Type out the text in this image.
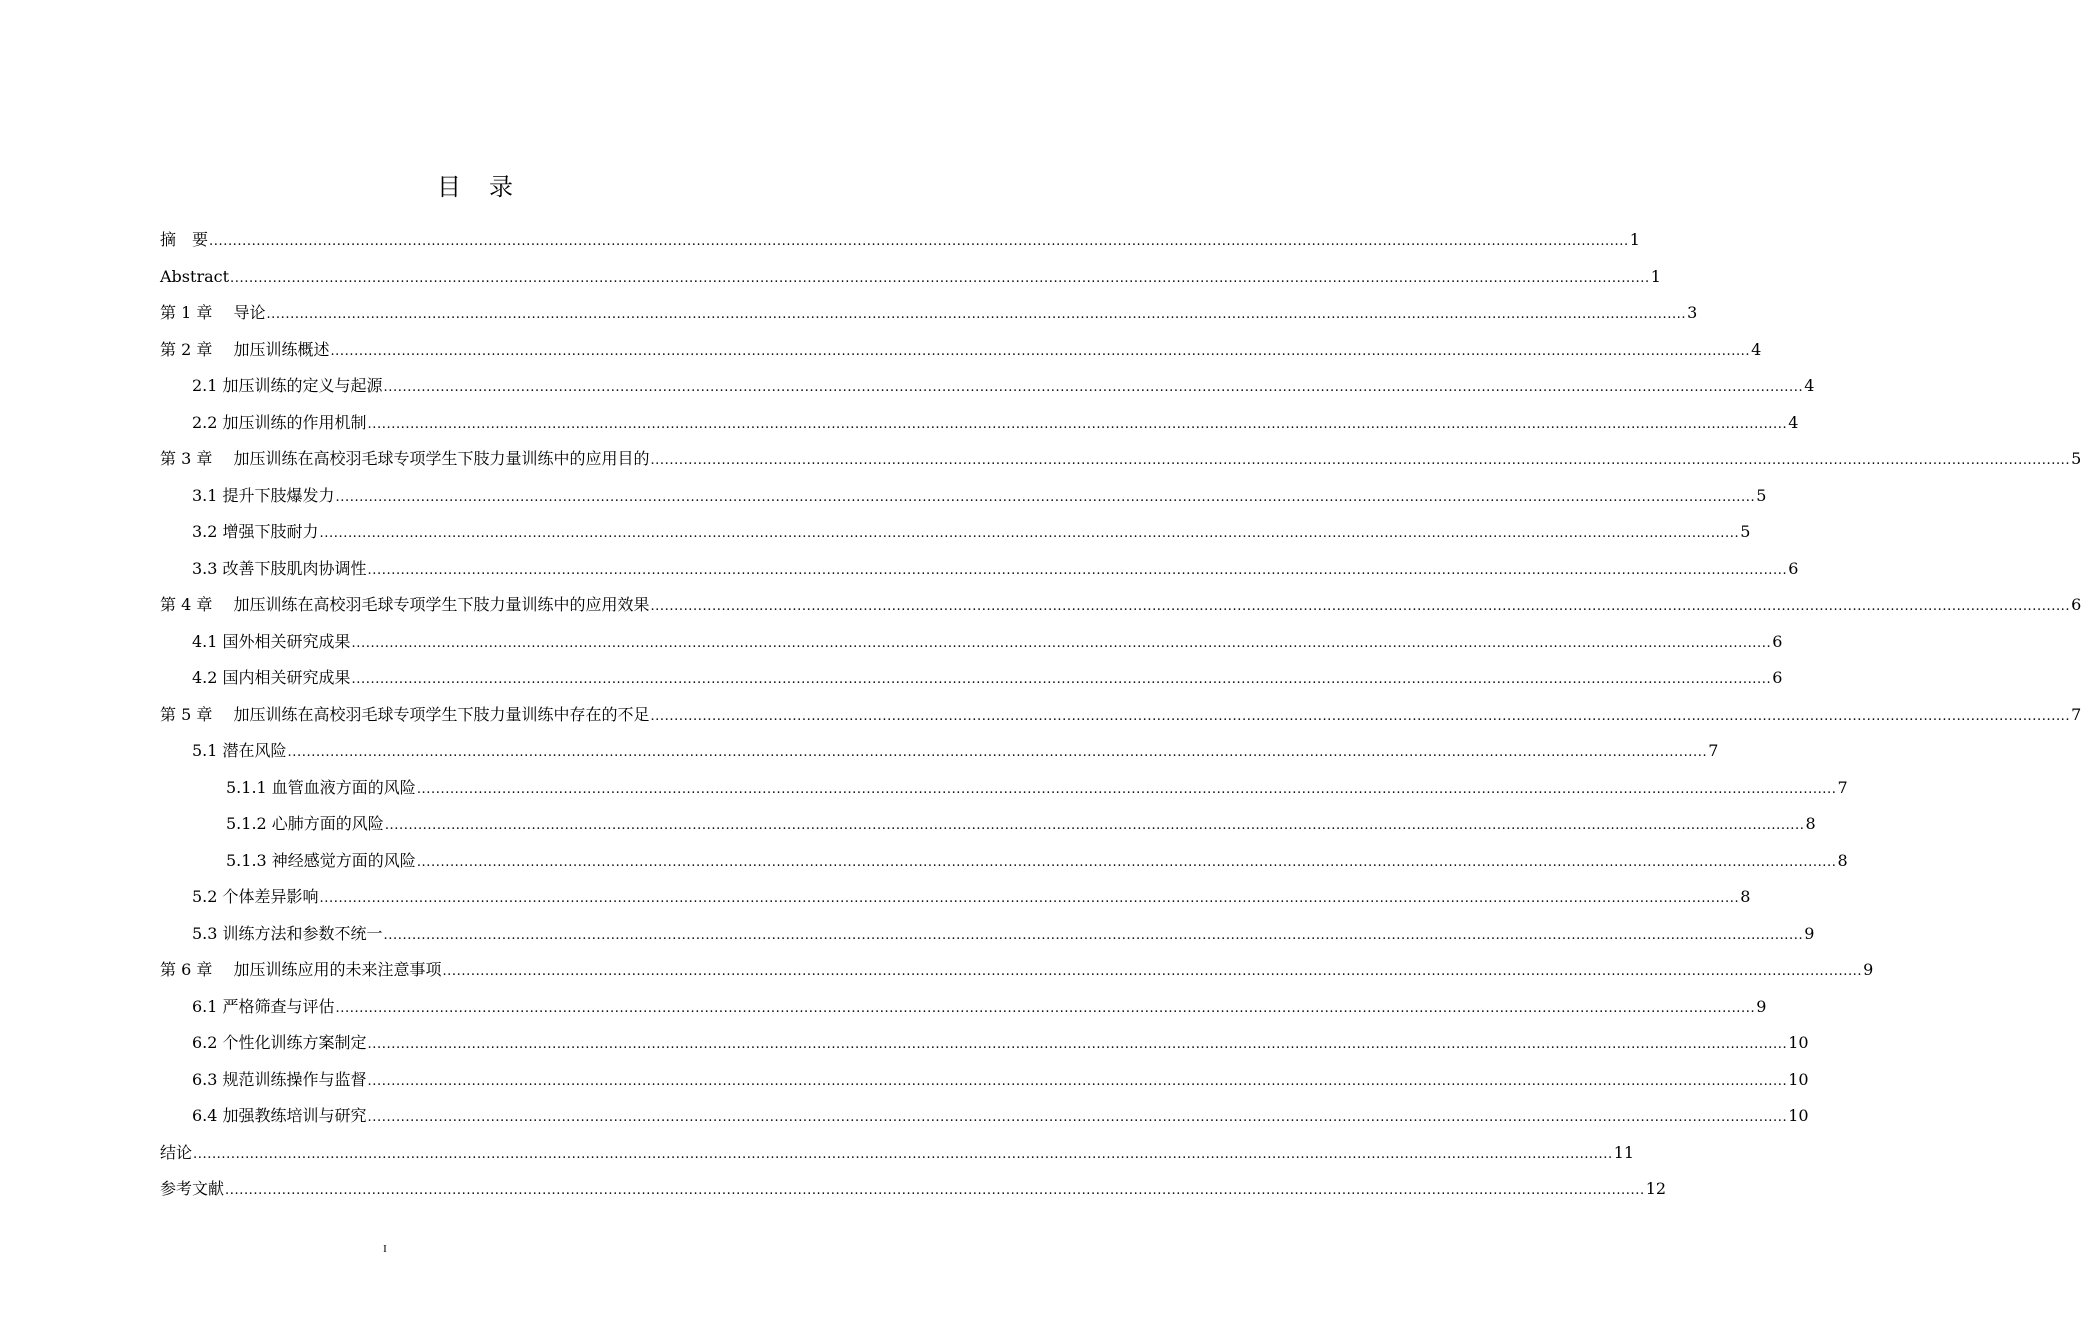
目 录
摘　要 ............................................................................................................................................................................................................................................................................................................ 1
Abstract ............................................................................................................................................................................................................................................................................................................ 1
第 1 章　 导论 ............................................................................................................................................................................................................................................................................................................ 3
第 2 章　 加压训练概述 ............................................................................................................................................................................................................................................................................................................ 4
2.1 加压训练的定义与起源 ............................................................................................................................................................................................................................................................................................................ 4
2.2 加压训练的作用机制 ............................................................................................................................................................................................................................................................................................................ 4
第 3 章　 加压训练在高校羽毛球专项学生下肢力量训练中的应用目的 ............................................................................................................................................................................................................................................................................................................ 5
3.1 提升下肢爆发力 ............................................................................................................................................................................................................................................................................................................ 5
3.2 增强下肢耐力 ............................................................................................................................................................................................................................................................................................................ 5
3.3 改善下肢肌肉协调性 ............................................................................................................................................................................................................................................................................................................ 6
第 4 章　 加压训练在高校羽毛球专项学生下肢力量训练中的应用效果 ............................................................................................................................................................................................................................................................................................................ 6
4.1 国外相关研究成果 ............................................................................................................................................................................................................................................................................................................ 6
4.2 国内相关研究成果 ............................................................................................................................................................................................................................................................................................................ 6
第 5 章　 加压训练在高校羽毛球专项学生下肢力量训练中存在的不足 ............................................................................................................................................................................................................................................................................................................ 7
5.1 潜在风险 ............................................................................................................................................................................................................................................................................................................ 7
5.1.1 血管血液方面的风险 ............................................................................................................................................................................................................................................................................................................ 7
5.1.2 心肺方面的风险 ............................................................................................................................................................................................................................................................................................................ 8
5.1.3 神经感觉方面的风险 ............................................................................................................................................................................................................................................................................................................ 8
5.2 个体差异影响 ............................................................................................................................................................................................................................................................................................................ 8
5.3 训练方法和参数不统一 ............................................................................................................................................................................................................................................................................................................ 9
第 6 章　 加压训练应用的未来注意事项 ............................................................................................................................................................................................................................................................................................................ 9
6.1 严格筛查与评估 ............................................................................................................................................................................................................................................................................................................ 9
6.2 个性化训练方案制定 ............................................................................................................................................................................................................................................................................................................ 10
6.3 规范训练操作与监督 ............................................................................................................................................................................................................................................................................................................ 10
6.4 加强教练培训与研究 ............................................................................................................................................................................................................................................................................................................ 10
结论 ............................................................................................................................................................................................................................................................................................................ 11
参考文献 ............................................................................................................................................................................................................................................................................................................ 12
I
